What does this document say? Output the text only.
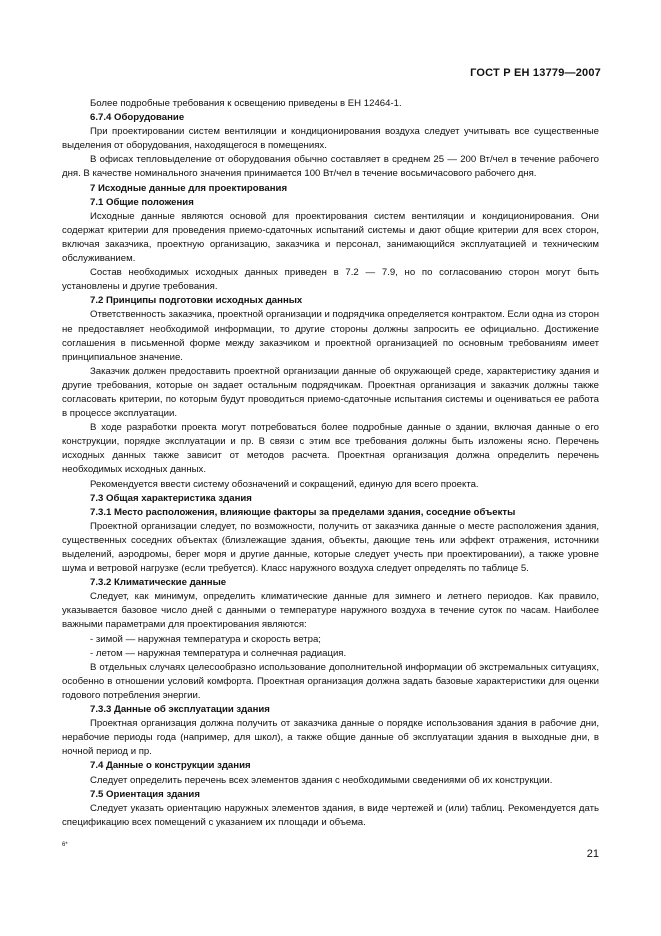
ГОСТ Р ЕН 13779—2007

Более подробные требования к освещению приведены в ЕН 12464-1.

6.7.4 Оборудование

При проектировании систем вентиляции и кондиционирования воздуха следует учитывать все существенные выделения от оборудования, находящегося в помещениях.

В офисах тепловыделение от оборудования обычно составляет в среднем 25 — 200 Вт/чел в течение рабочего дня. В качестве номинального значения принимается 100 Вт/чел в течение восьмичасового рабочего дня.

7 Исходные данные для проектирования

7.1 Общие положения

Исходные данные являются основой для проектирования систем вентиляции и кондиционирования. Они содержат критерии для проведения приемо-сдаточных испытаний системы и дают общие критерии для всех сторон, включая заказчика, проектную организацию, заказчика и персонал, занимающийся эксплуатацией и техническим обслуживанием.

Состав необходимых исходных данных приведен в 7.2 — 7.9, но по согласованию сторон могут быть установлены и другие требования.

7.2 Принципы подготовки исходных данных

Ответственность заказчика, проектной организации и подрядчика определяется контрактом. Если одна из сторон не предоставляет необходимой информации, то другие стороны должны запросить ее официально. Достижение соглашения в письменной форме между заказчиком и проектной организацией по основным требованиям имеет принципиальное значение.

Заказчик должен предоставить проектной организации данные об окружающей среде, характеристику здания и другие требования, которые он задает остальным подрядчикам. Проектная организация и заказчик должны также согласовать критерии, по которым будут проводиться приемо-сдаточные испытания системы и оцениваться ее работа в процессе эксплуатации.

В ходе разработки проекта могут потребоваться более подробные данные о здании, включая данные о его конструкции, порядке эксплуатации и пр. В связи с этим все требования должны быть изложены ясно. Перечень исходных данных также зависит от методов расчета. Проектная организация должна определить перечень необходимых исходных данных.

Рекомендуется ввести систему обозначений и сокращений, единую для всего проекта.

7.3 Общая характеристика здания

7.3.1 Место расположения, влияющие факторы за пределами здания, соседние объекты

Проектной организации следует, по возможности, получить от заказчика данные о месте расположения здания, существенных соседних объектах (близлежащие здания, объекты, дающие тень или эффект отражения, источники выделений, аэродромы, берег моря и другие данные, которые следует учесть при проектировании), а также уровне шума и ветровой нагрузке (если требуется). Класс наружного воздуха следует определять по таблице 5.

7.3.2 Климатические данные

Следует, как минимум, определить климатические данные для зимнего и летнего периодов. Как правило, указывается базовое число дней с данными о температуре наружного воздуха в течение суток по часам. Наиболее важными параметрами для проектирования являются:

- зимой — наружная температура и скорость ветра;

- летом — наружная температура и солнечная радиация.

В отдельных случаях целесообразно использование дополнительной информации об экстремальных ситуациях, особенно в отношении условий комфорта. Проектная организация должна задать базовые характеристики для оценки годового потребления энергии.

7.3.3 Данные об эксплуатации здания

Проектная организация должна получить от заказчика данные о порядке использования здания в рабочие дни, нерабочие периоды года (например, для школ), а также общие данные об эксплуатации здания в выходные дни, в ночной период и пр.

7.4 Данные о конструкции здания

Следует определить перечень всех элементов здания с необходимыми сведениями об их конструкции.

7.5 Ориентация здания

Следует указать ориентацию наружных элементов здания, в виде чертежей и (или) таблиц. Рекомендуется дать спецификацию всех помещений с указанием их площади и объема.

6*
21
